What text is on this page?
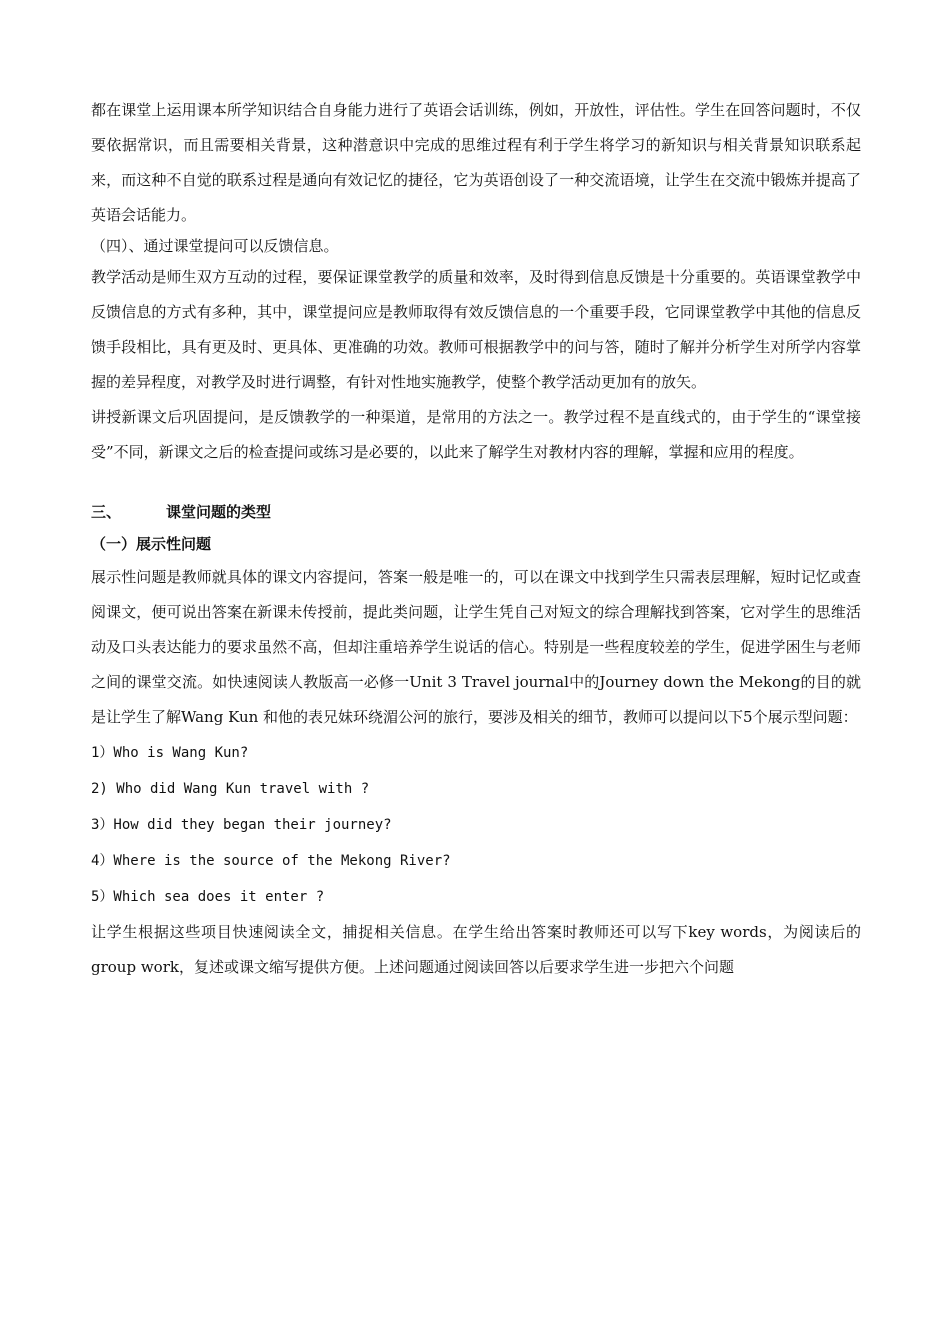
都在课堂上运用课本所学知识结合自身能力进行了英语会话训练，例如，开放性，评估性。学生在回答问题时，不仅要依据常识，而且需要相关背景，这种潜意识中完成的思维过程有利于学生将学习的新知识与相关背景知识联系起来，而这种不自觉的联系过程是通向有效记忆的捷径，它为英语创设了一种交流语境，让学生在交流中锻炼并提高了英语会话能力。

（四）、通过课堂提问可以反馈信息。

教学活动是师生双方互动的过程，要保证课堂教学的质量和效率，及时得到信息反馈是十分重要的。英语课堂教学中反馈信息的方式有多种，其中，课堂提问应是教师取得有效反馈信息的一个重要手段，它同课堂教学中其他的信息反馈手段相比，具有更及时、更具体、更准确的功效。教师可根据教学中的问与答，随时了解并分析学生对所学内容掌握的差异程度，对教学及时进行调整，有针对性地实施教学，使整个教学活动更加有的放矢。

讲授新课文后巩固提问，是反馈教学的一种渠道，是常用的方法之一。教学过程不是直线式的，由于学生的“课堂接受”不同，新课文之后的检查提问或练习是必要的，以此来了解学生对教材内容的理解，掌握和应用的程度。

三、	课堂问题的类型

（一）展示性问题

展示性问题是教师就具体的课文内容提问，答案一般是唯一的，可以在课文中找到学生只需表层理解，短时记忆或查阅课文，便可说出答案在新课未传授前，提此类问题，让学生凭自己对短文的综合理解找到答案，它对学生的思维活动及口头表达能力的要求虽然不高，但却注重培养学生说话的信心。特别是一些程度较差的学生，促进学困生与老师之间的课堂交流。如快速阅读人教版高一必修一Unit 3 Travel journal中的Journey down the Mekong的目的就是让学生了解Wang Kun 和他的表兄妹环绕湄公河的旅行，要涉及相关的细节，教师可以提问以下5个展示型问题：

1）Who is Wang Kun?

2) Who did Wang Kun travel with ?

3）How did they began their journey?

4）Where is the source of the Mekong River?

5）Which sea does it enter ?

让学生根据这些项目快速阅读全文，捕捉相关信息。在学生给出答案时教师还可以写下key words，为阅读后的 group work，复述或课文缩写提供方便。上述问题通过阅读回答以后要求学生进一步把六个问题
